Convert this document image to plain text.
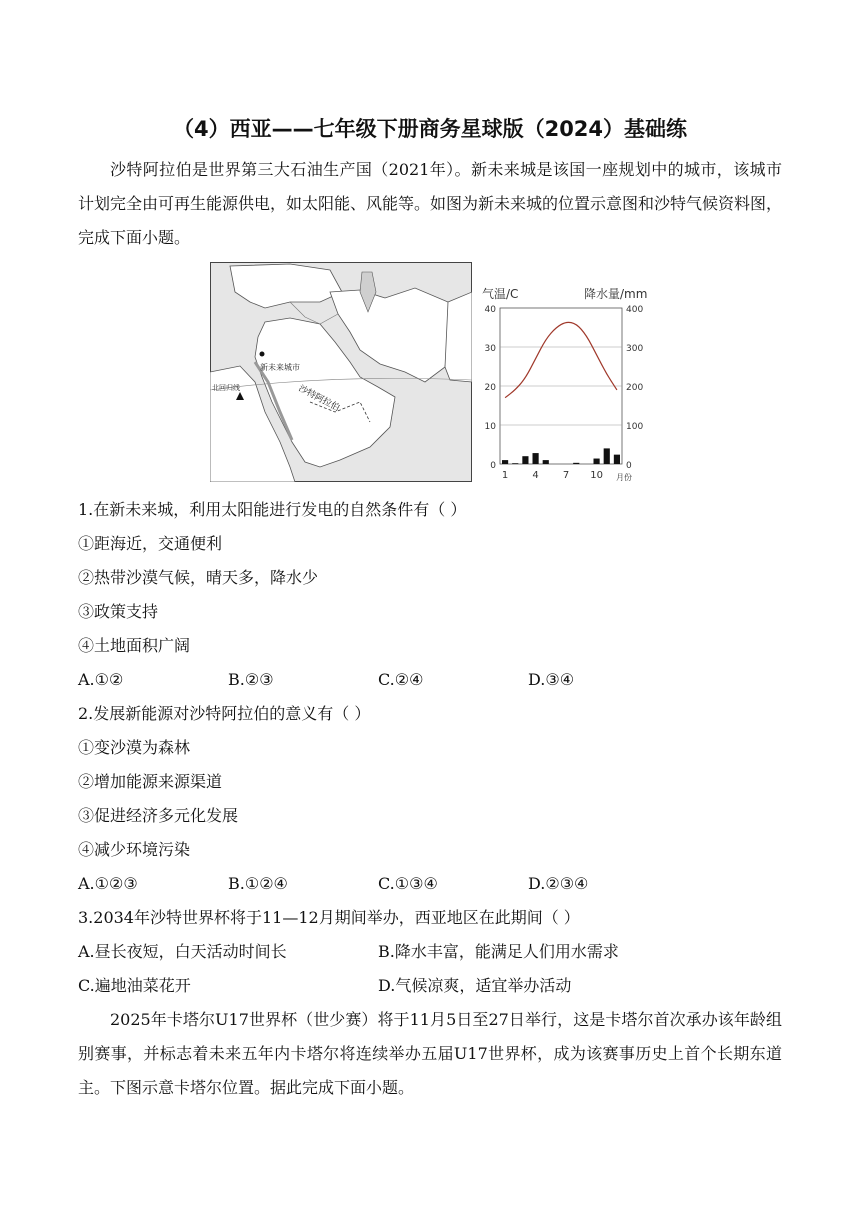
（4）西亚——七年级下册商务星球版（2024）基础练

沙特阿拉伯是世界第三大石油生产国（2021年）。新未来城是该国一座规划中的城市，该城市计划完全由可再生能源供电，如太阳能、风能等。如图为新未来城的位置示意图和沙特气候资料图，完成下面小题。

新未来城市
沙特阿拉伯
北回归线
气温/C	降水量/mm
月份
0
10
20
30
40
0
100
200
300
400
1 4 7 10
1.在新未来城，利用太阳能进行发电的自然条件有（ ）
①距海近，交通便利
②热带沙漠气候，晴天多，降水少
③政策支持
④土地面积广阔
A.①②	B.②③	C.②④	D.③④
2.发展新能源对沙特阿拉伯的意义有（ ）
①变沙漠为森林
②增加能源来源渠道
③促进经济多元化发展
④减少环境污染
A.①②③	B.①②④	C.①③④	D.②③④
3.2034年沙特世界杯将于11—12月期间举办，西亚地区在此期间（ ）
A.昼长夜短，白天活动时间长	B.降水丰富，能满足人们用水需求
C.遍地油菜花开	D.气候凉爽，适宜举办活动

2025年卡塔尔U17世界杯（世少赛）将于11月5日至27日举行，这是卡塔尔首次承办该年龄组别赛事，并标志着未来五年内卡塔尔将连续举办五届U17世界杯，成为该赛事历史上首个长期东道主。下图示意卡塔尔位置。据此完成下面小题。
